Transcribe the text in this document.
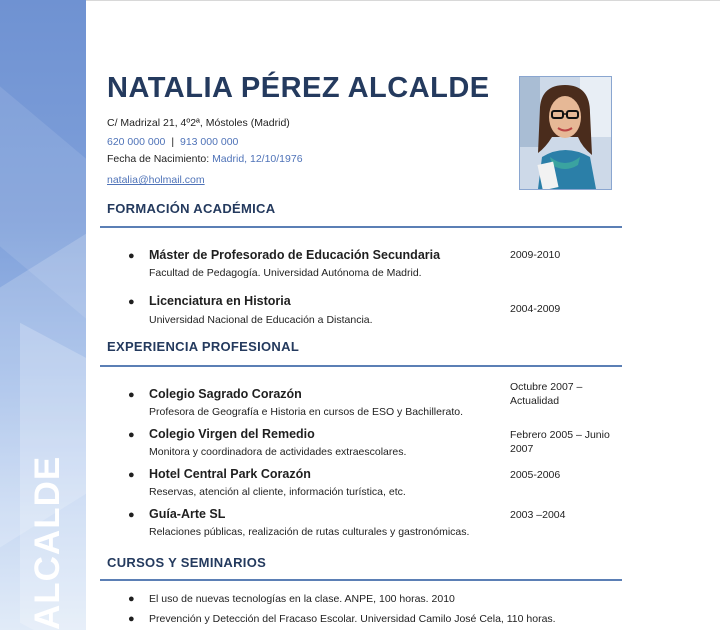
ALCALDE
NATALIA PÉREZ ALCALDE
C/ Madrizal 21, 4º2ª, Móstoles (Madrid)
620 000 000 | 913 000 000
Fecha de Nacimiento: Madrid, 12/10/1976
natalia@holmail.com
FORMACIÓN ACADÉMICA
● Máster de Profesorado de Educación Secundaria
Facultad de Pedagogía. Universidad Autónoma de Madrid.
2009-2010
● Licenciatura en Historia
Universidad Nacional de Educación a Distancia.
2004-2009
EXPERIENCIA PROFESIONAL
● Colegio Sagrado Corazón
Profesora de Geografía e Historia en cursos de ESO y Bachillerato.
Octubre 2007 – Actualidad
● Colegio Virgen del Remedio
Monitora y coordinadora de actividades extraescolares.
Febrero 2005 – Junio 2007
● Hotel Central Park Corazón
Reservas, atención al cliente, información turística, etc.
2005-2006
● Guía-Arte SL
Relaciones públicas, realización de rutas culturales y gastronómicas.
2003 –2004
CURSOS Y SEMINARIOS
● El uso de nuevas tecnologías en la clase. ANPE, 100 horas. 2010
● Prevención y Detección del Fracaso Escolar. Universidad Camilo José Cela, 110 horas.
